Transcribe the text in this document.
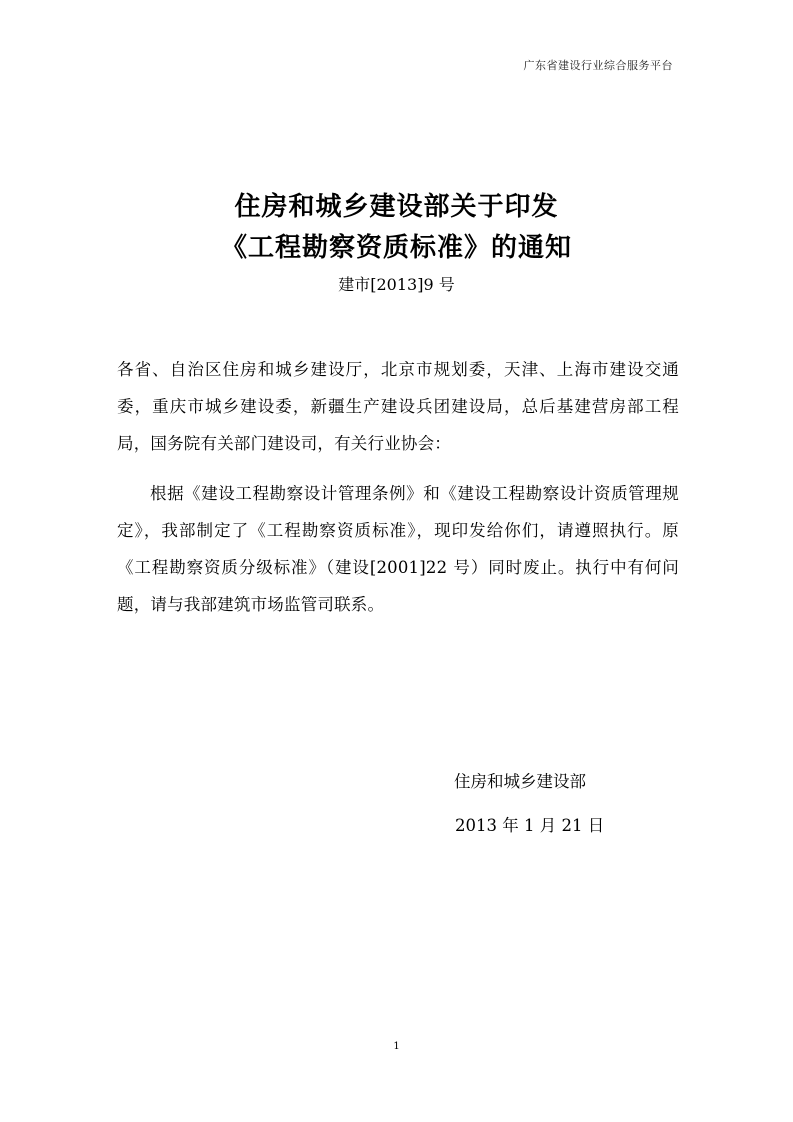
广东省建设行业综合服务平台
住房和城乡建设部关于印发
《工程勘察资质标准》的通知
建市[2013]9 号
各省、自治区住房和城乡建设厅，北京市规划委，天津、上海市建设交通委，重庆市城乡建设委，新疆生产建设兵团建设局，总后基建营房部工程局，国务院有关部门建设司，有关行业协会：
根据《建设工程勘察设计管理条例》和《建设工程勘察设计资质管理规定》，我部制定了《工程勘察资质标准》，现印发给你们，请遵照执行。原《工程勘察资质分级标准》（建设[2001]22 号）同时废止。执行中有何问题，请与我部建筑市场监管司联系。
住房和城乡建设部
2013 年 1 月 21 日
1
